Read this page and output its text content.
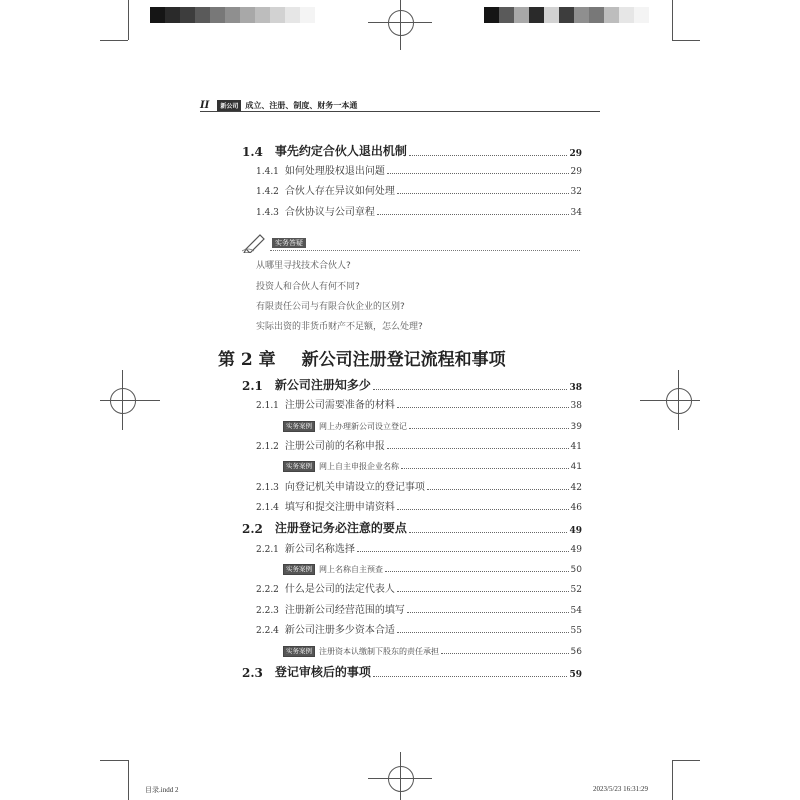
II	新公司 成立、注册、制度、财务一本通
1.4 事先约定合伙人退出机制	29
1.4.1 如何处理股权退出问题	29
1.4.2 合伙人存在异议如何处理	32
1.4.3 合伙协议与公司章程	34
实务答疑
从哪里寻找技术合伙人?
投资人和合伙人有何不同?
有限责任公司与有限合伙企业的区别?
实际出资的非货币财产不足额，怎么处理?
第 2 章 新公司注册登记流程和事项
2.1 新公司注册知多少	38
2.1.1 注册公司需要准备的材料	38
实务案例 网上办理新公司设立登记	39
2.1.2 注册公司前的名称申报	41
实务案例 网上自主申报企业名称	41
2.1.3 向登记机关申请设立的登记事项	42
2.1.4 填写和提交注册申请资料	46
2.2 注册登记务必注意的要点	49
2.2.1 新公司名称选择	49
实务案例 网上名称自主预查	50
2.2.2 什么是公司的法定代表人	52
2.2.3 注册新公司经营范围的填写	54
2.2.4 新公司注册多少资本合适	55
实务案例 注册资本认缴制下股东的责任承担	56
2.3 登记审核后的事项	59
目录.indd 2	2023/5/23 16:31:29
